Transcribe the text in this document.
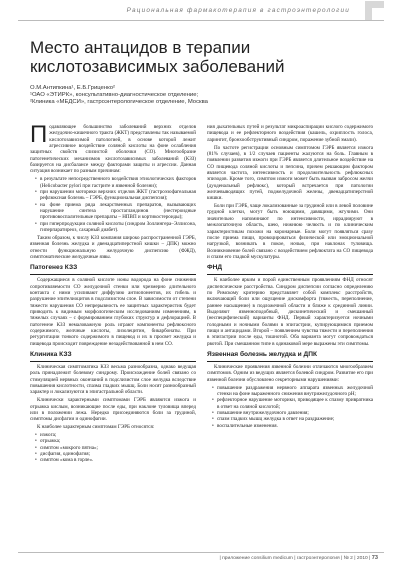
Рациональная фармакотерапия в гастроэнтерологии
Место антацидов в терапии кислотозависимых заболеваний
О.М.Антипкина¹, Е.Б.Гриценко²
¹ОАО «ЭТИРК», консультативно-диагностическое отделение;
²Клиника «МЕДСИ», гастроэнтерологическое отделение, Москва

Подавляющее большинство заболеваний верхних отделов желудочно-кишечного тракта (ЖКТ) представлены так называемой кислотозависимой патологией, в основе которой лежит агрессивное воздействие соляной кислоты на фоне ослабления защитных свойств слизистой оболочки (СО). Многообразие патогенетических механизмов кислотозависимых заболеваний (КЗЗ) базируется на дисбалансе между факторами защиты и агрессии. Данная ситуация возникает по разным причинам:

• в результате непосредственного воздействия этиологических факторов (Helicobacter pylori при гастрите и язвенной болезни);
• при нарушении моторики верхних отделов ЖКТ (гастроэзофагеальная рефлюксная болезнь – ГЭРБ, функциональная диспепсия);
• на фоне приема ряда лекарственных препаратов, вызывающих нарушение синтеза простагландинов (нестероидные противовоспалительные препараты – НПВП и кортикостероиды);
• при гиперпродукции соляной кислоты (синдром Золлингера–Эллисона, гиперпаратиреоз, сахарный диабет).

Таким образом, к числу КЗЗ компания широко распространенной ГЭРБ, язвенная болезнь желудка и двенадцатиперстной кишки – ДПК) можно отнести функциональную желудочную диспепсию (ФЖД), симптоматические желудочные язвы.

Патогенез КЗЗ

Содержащиеся в соляной кислоте ионы водорода на фоне снижения сопротивляемости СО желудочной стенки или чрезмерно длительного контакта с ними усиливают диффузию антиопонентов, их гибель и разрушение эпителиоцитов в подслизистом слое. В зависимости от степени тяжести нарушения СО непрерывность ее защитных характеристик будет приводить к видимым морфологическим исследованиям изменениям, в тяжелых случаях – с формированием глубоких структур и дефлорацией. В патогенезе КЗЗ немаловажную роль играют компоненты рефлюксного содержимого, желчные кислоты, лизолецитин, бикарбонаты. При регургитации тонкого содержимого в пищевод и их в просвет желудка и пищевода происходит повреждение незадействованной в нем СО.

Клиника КЗЗ

Клиническая симптоматика КЗЗ весьма разнообразна, однако ведущая роль принадлежит болевому синдрому. Происхождение болей связано со стимуляцией нервных окончаний в подслизистом слое желудка вследствие повышения кислотности, спазма гладких мышц. Боли носят разнообразный характер и локализуются в эпигастральной области.

Клинически характерными симптомами ГЭРБ являются изжога и отрыжка кислым, возникающие после еды, при наклоне туловища вперед или в положении лежа. Нередко присоединяются боли за грудиной, симптомы дисфагии и одинофагии.

К наиболее характерным симптомам ГЭРБ относятся:

• изжога;
• отрыжка;
• симптом «мокрого пятна»;
• дисфагия, одинофагия;
• симптом «кома в горле».

ния дыхательных путей и результат микроаспирации кислого содержимого пищевода и ее рефлекторного воздействия (кашель, охриплость голоса, ларингит, бронхообструктивный синдром, поражение зубной эмали).

По частоте регистрации основным симптомом ГЭРБ является изжога (81% случаев), в 1/2 случаев пациенты жалуются на боль. Главным в появлении развития изжоги при ГЭРБ является длительное воздействие на СО пищевода соляной кислоты и пепсина, причем решающим фактором является частота, интенсивность и продолжительность рефлюксных эпизодов. Кроме того, симптом изжоги может быть вызван забросом желчи (дуоденальный рефлюкс), который встречается при патологии желчевыводящих путей, поджелудочной железы, двенадцатиперстной кишки.

Боли при ГЭРБ, чаще локализованные за грудиной или в левой половине грудной клетки, могут быть ноющими, давящими, жгучими. Они значительно напоминают по интенсивности, иррадиируют в межлопаточную область, шею, нижнюю челюсть и по клиническим характеристикам похожи на коронарные. Боли могут появляться сразу после приема пищи, провоцироваться физической или эмоциональной нагрузкой, возникать в покое, ночью, при наклонах туловища. Возникновение болей связано с воздействием рефлюктата на СО пищевода и спазм его гладкой мускулатуры.

ФНД

К наиболее ярким и порой единственным проявлениям ФНД относят диспепсические расстройства. Синдром диспепсии согласно определению по Римскому критерию представляет собой комплекс расстройств, включающий боли или ощущение дискомфорта (тяжесть, переполнение, раннее насыщение) в подложечной области и ближе к срединной линии. Выделяют язвенноподобный, дискинетический и смешанный (неспецифический) варианты ФНД. Первый характеризуется ночными голодными и ночными болями в эпигастрии, купирующимися приемом пищи и антацидами. Второй – появлением чувства тяжести и переполнения в эпигастрии после еды, тошнотой. Оба варианта могут сопровождаться рвотой. При смешанном типе в одинаковой мере выражены эти симптомы.

Язвенная болезнь желудка и ДПК

Клинические проявления язвенной болезни отличаются многообразием симптомов. Одним из ведущих является болевой синдром. Развитие его при язвенной болезни обусловлено секреторными нарушениями:

• повышение раздражения нервного аппарата язвенных желудочной стенки на фоне выраженного снижения внутрижелудочного pH;
• рефлекторное нарушение моторики, приводящее к спазму привратника в ответ на соляной кислотой;
• повышение внутрижелудочного давления;
• спазм гладких мышц желудка в ответ на раздражение;
• воспалительные изменения.
| приложение consilium medicum | гастроэнтерология | № 2 | 2010 | 73
